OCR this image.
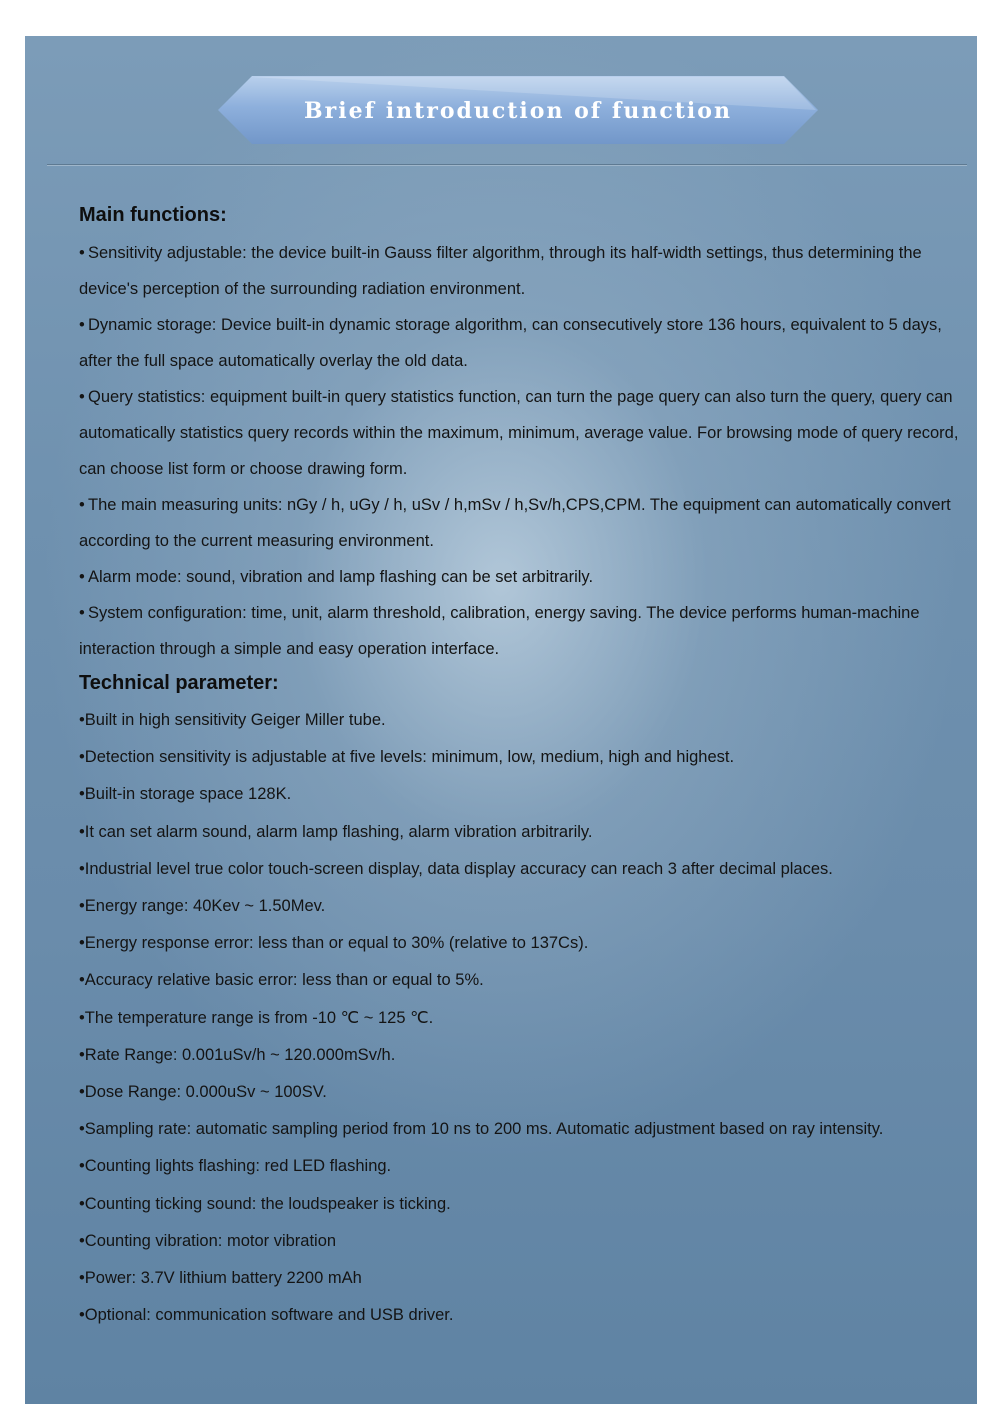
Brief introduction of function
Main functions:

• Sensitivity adjustable: the device built-in Gauss filter algorithm, through its half-width settings, thus determining the device's perception of the surrounding radiation environment.

• Dynamic storage: Device built-in dynamic storage algorithm, can consecutively store 136 hours, equivalent to 5 days, after the full space automatically overlay the old data.

• Query statistics: equipment built-in query statistics function, can turn the page query can also turn the query, query can automatically statistics query records within the maximum, minimum, average value. For browsing mode of query record, can choose list form or choose drawing form.

• The main measuring units: nGy / h, uGy / h, uSv / h,mSv / h,Sv/h,CPS,CPM. The equipment can automatically convert according to the current measuring environment.

• Alarm mode: sound, vibration and lamp flashing can be set arbitrarily.

• System configuration: time, unit, alarm threshold, calibration, energy saving. The device performs human-machine interaction through a simple and easy operation interface.

Technical parameter:

•Built in high sensitivity Geiger Miller tube.

•Detection sensitivity is adjustable at five levels: minimum, low, medium, high and highest.

•Built-in storage space 128K.

•It can set alarm sound, alarm lamp flashing, alarm vibration arbitrarily.

•Industrial level true color touch-screen display, data display accuracy can reach 3 after decimal places.

•Energy range: 40Kev ~ 1.50Mev.

•Energy response error: less than or equal to 30% (relative to 137Cs).

•Accuracy relative basic error: less than or equal to 5%.

•The temperature range is from -10 ℃ ~ 125 ℃.

•Rate Range: 0.001uSv/h ~ 120.000mSv/h.

•Dose Range: 0.000uSv ~ 100SV.

•Sampling rate: automatic sampling period from 10 ns to 200 ms. Automatic adjustment based on ray intensity.

•Counting lights flashing: red LED flashing.

•Counting ticking sound: the loudspeaker is ticking.

•Counting vibration: motor vibration

•Power: 3.7V lithium battery 2200 mAh

•Optional: communication software and USB driver.
